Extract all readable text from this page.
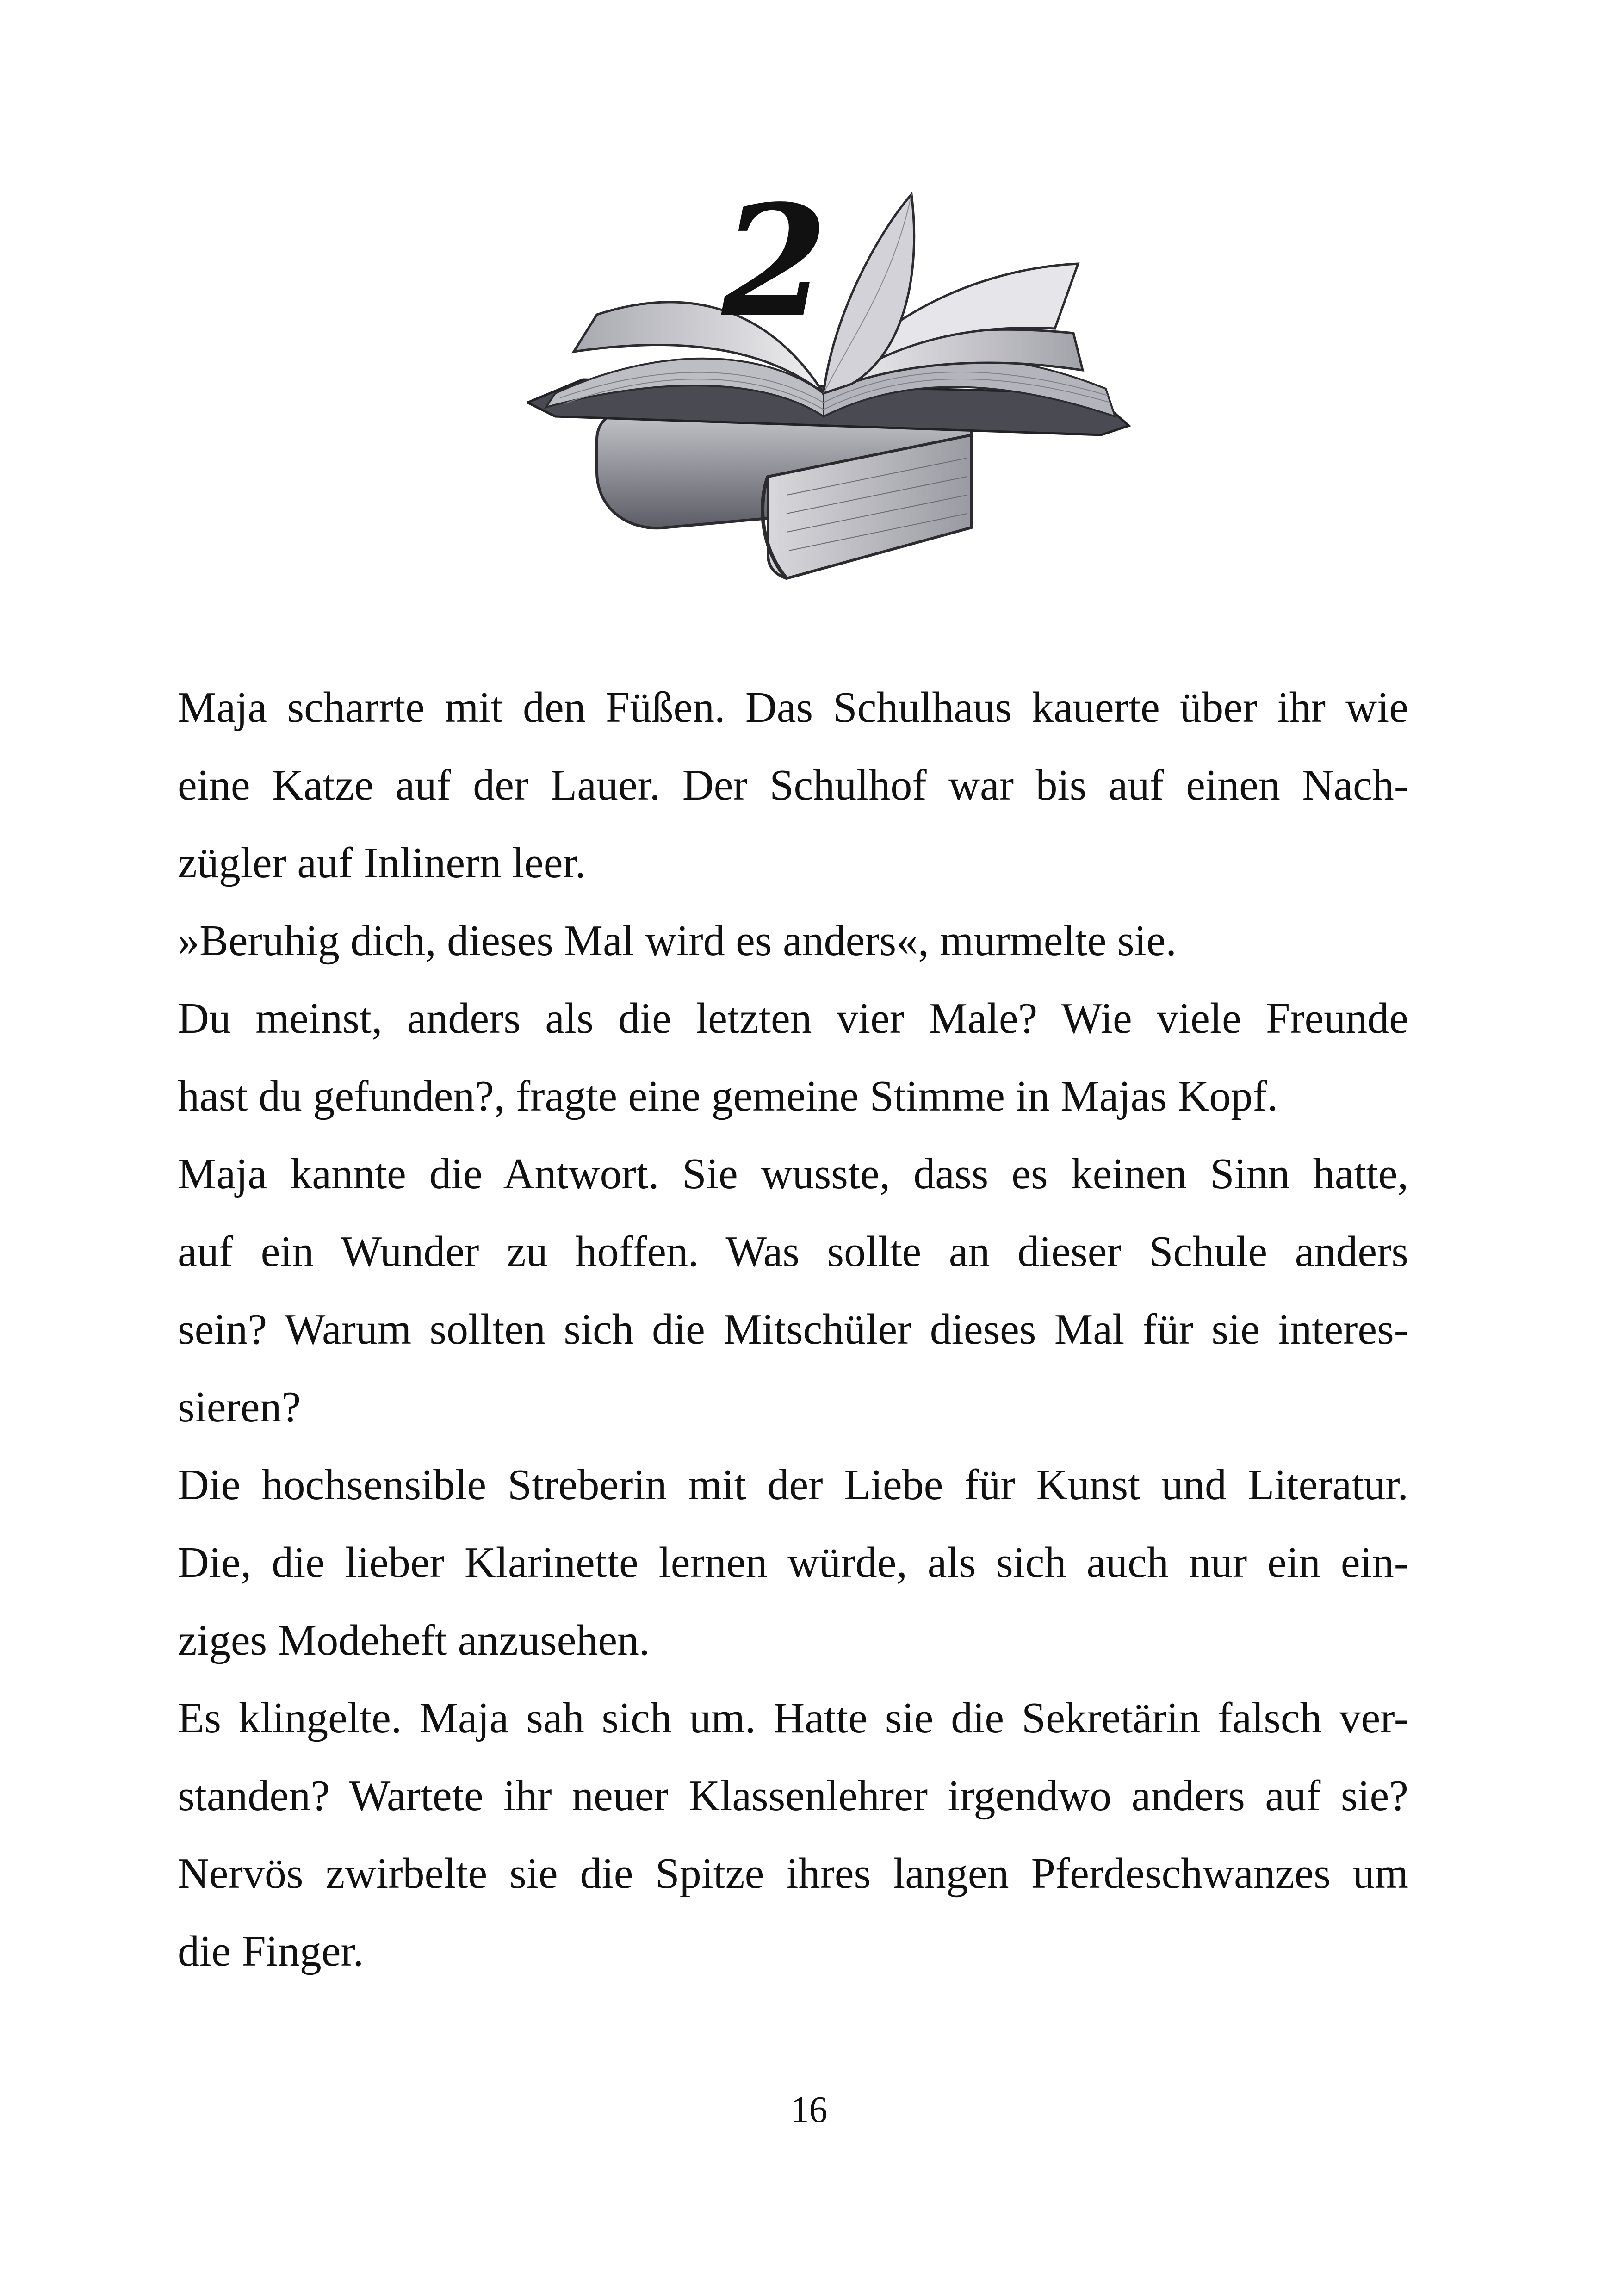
2
Maja scharrte mit den Füßen. Das Schulhaus kauerte über ihr wie
eine Katze auf der Lauer. Der Schulhof war bis auf einen Nach-
zügler auf Inlinern leer.
»Beruhig dich, dieses Mal wird es anders«, murmelte sie.
Du meinst, anders als die letzten vier Male? Wie viele Freunde
hast du gefunden?, fragte eine gemeine Stimme in Majas Kopf.
Maja kannte die Antwort. Sie wusste, dass es keinen Sinn hatte,
auf ein Wunder zu hoffen. Was sollte an dieser Schule anders
sein? Warum sollten sich die Mitschüler dieses Mal für sie interes-
sieren?
Die hochsensible Streberin mit der Liebe für Kunst und Literatur.
Die, die lieber Klarinette lernen würde, als sich auch nur ein ein-
ziges Modeheft anzusehen.
Es klingelte. Maja sah sich um. Hatte sie die Sekretärin falsch ver-
standen? Wartete ihr neuer Klassenlehrer irgendwo anders auf sie?
Nervös zwirbelte sie die Spitze ihres langen Pferdeschwanzes um
die Finger.
16
